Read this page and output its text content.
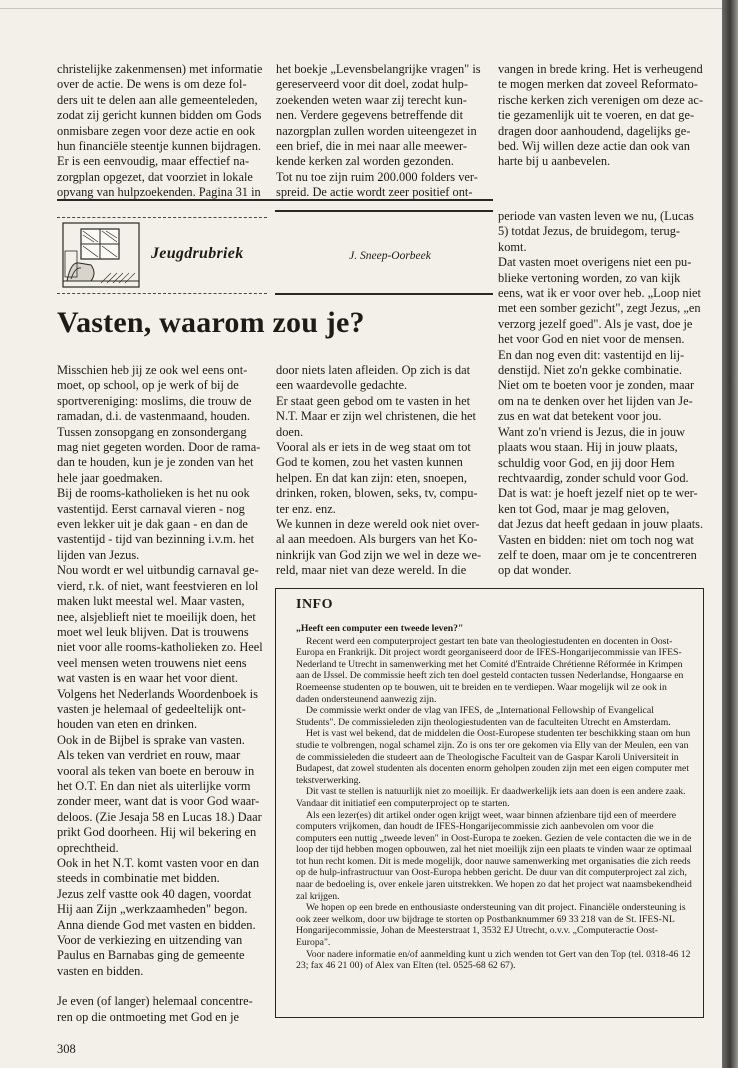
christelijke zakenmensen) met informatie

over de actie. De wens is om deze fol-

ders uit te delen aan alle gemeenteleden,

zodat zij gericht kunnen bidden om Gods

onmisbare zegen voor deze actie en ook

hun financiële steentje kunnen bijdragen.

Er is een eenvoudig, maar effectief na-

zorgplan opgezet, dat voorziet in lokale

opvang van hulpzoekenden. Pagina 31 in

het boekje „Levensbelangrijke vragen" is

gereserveerd voor dit doel, zodat hulp-

zoekenden weten waar zij terecht kun-

nen. Verdere gegevens betreffende dit

nazorgplan zullen worden uiteengezet in

een brief, die in mei naar alle meewer-

kende kerken zal worden gezonden.

Tot nu toe zijn ruim 200.000 folders ver-

spreid. De actie wordt zeer positief ont-

vangen in brede kring. Het is verheugend

te mogen merken dat zoveel Reformato-

rische kerken zich verenigen om deze ac-

tie gezamenlijk uit te voeren, en dat ge-

dragen door aanhoudend, dagelijks ge-

bed. Wij willen deze actie dan ook van

harte bij u aanbevelen.

Jeugdrubriek	J. Sneep-Oorbeek
Vasten, waarom zou je?

Misschien heb jij ze ook wel eens ont-

moet, op school, op je werk of bij de

sportvereniging: moslims, die trouw de

ramadan, d.i. de vastenmaand, houden.

Tussen zonsopgang en zonsondergang

mag niet gegeten worden. Door de rama-

dan te houden, kun je je zonden van het

hele jaar goedmaken.

Bij de rooms-katholieken is het nu ook

vastentijd. Eerst carnaval vieren - nog

even lekker uit je dak gaan - en dan de

vastentijd - tijd van bezinning i.v.m. het

lijden van Jezus.

Nou wordt er wel uitbundig carnaval ge-

vierd, r.k. of niet, want feestvieren en lol

maken lukt meestal wel. Maar vasten,

nee, alsjeblieft niet te moeilijk doen, het

moet wel leuk blijven. Dat is trouwens

niet voor alle rooms-katholieken zo. Heel

veel mensen weten trouwens niet eens

wat vasten is en waar het voor dient.

Volgens het Nederlands Woordenboek is

vasten je helemaal of gedeeltelijk ont-

houden van eten en drinken.

Ook in de Bijbel is sprake van vasten.

Als teken van verdriet en rouw, maar

vooral als teken van boete en berouw in

het O.T. En dan niet als uiterlijke vorm

zonder meer, want dat is voor God waar-

deloos. (Zie Jesaja 58 en Lucas 18.) Daar

prikt God doorheen. Hij wil bekering en

oprechtheid.

Ook in het N.T. komt vasten voor en dan

steeds in combinatie met bidden.

Jezus zelf vastte ook 40 dagen, voordat

Hij aan Zijn „werkzaamheden" begon.

Anna diende God met vasten en bidden.

Voor de verkiezing en uitzending van

Paulus en Barnabas ging de gemeente

vasten en bidden.

Je even (of langer) helemaal concentre-

ren op die ontmoeting met God en je

door niets laten afleiden. Op zich is dat

een waardevolle gedachte.

Er staat geen gebod om te vasten in het

N.T. Maar er zijn wel christenen, die het

doen.

Vooral als er iets in de weg staat om tot

God te komen, zou het vasten kunnen

helpen. En dat kan zijn: eten, snoepen,

drinken, roken, blowen, seks, tv, compu-

ter enz. enz.

We kunnen in deze wereld ook niet over-

al aan meedoen. Als burgers van het Ko-

ninkrijk van God zijn we wel in deze we-

reld, maar niet van deze wereld. In die

periode van vasten leven we nu, (Lucas

5) totdat Jezus, de bruidegom, terug-

komt.

Dat vasten moet overigens niet een pu-

blieke vertoning worden, zo van kijk

eens, wat ik er voor over heb. „Loop niet

met een somber gezicht", zegt Jezus, „en

verzorg jezelf goed". Als je vast, doe je

het voor God en niet voor de mensen.

En dan nog even dit: vastentijd en lij-

denstijd. Niet zo'n gekke combinatie.

Niet om te boeten voor je zonden, maar

om na te denken over het lijden van Je-

zus en wat dat betekent voor jou.

Want zo'n vriend is Jezus, die in jouw

plaats wou staan. Hij in jouw plaats,

schuldig voor God, en jij door Hem

rechtvaardig, zonder schuld voor God.

Dat is wat: je hoeft jezelf niet op te wer-

ken tot God, maar je mag geloven,

dat Jezus dat heeft gedaan in jouw plaats.

Vasten en bidden: niet om toch nog wat

zelf te doen, maar om je te concentreren

op dat wonder.

INFO

„Heeft een computer een tweede leven?"

Recent werd een computerproject gestart ten bate van theologiestudenten en docenten in Oost-Europa en Frankrijk. Dit project wordt georganiseerd door de IFES-Hongarijecommissie van IFES-Nederland te Utrecht in samenwerking met het Comité d'Entraide Chrétienne Réformée in Krimpen aan de IJssel. De commissie heeft zich ten doel gesteld contacten tussen Nederlandse, Hongaarse en Roemeense studenten op te bouwen, uit te breiden en te verdiepen. Waar mogelijk wil ze ook in daden ondersteunend aanwezig zijn.

De commissie werkt onder de vlag van IFES, de „International Fellowship of Evangelical Students". De commissieleden zijn theologiestudenten van de faculteiten Utrecht en Amsterdam.

Het is vast wel bekend, dat de middelen die Oost-Europese studenten ter beschikking staan om hun studie te volbrengen, nogal schamel zijn. Zo is ons ter ore gekomen via Elly van der Meulen, een van de commissieleden die studeert aan de Theologische Faculteit van de Gaspar Karoli Universiteit in Budapest, dat zowel studenten als docenten enorm geholpen zouden zijn met een eigen computer met tekstverwerking.

Dit vast te stellen is natuurlijk niet zo moeilijk. Er daadwerkelijk iets aan doen is een andere zaak. Vandaar dit initiatief een computerproject op te starten.

Als een lezer(es) dit artikel onder ogen krijgt weet, waar binnen afzienbare tijd een of meerdere computers vrijkomen, dan houdt de IFES-Hongarijecommissie zich aanbevolen om voor die computers een nuttig „tweede leven" in Oost-Europa te zoeken. Gezien de vele contacten die we in de loop der tijd hebben mogen opbouwen, zal het niet moeilijk zijn een plaats te vinden waar ze optimaal tot hun recht komen. Dit is mede mogelijk, door nauwe samenwerking met organisaties die zich reeds op de hulp-infrastructuur van Oost-Europa hebben gericht. De duur van dit computerproject zal zich, naar de bedoeling is, over enkele jaren uitstrekken. We hopen zo dat het project wat naamsbekendheid zal krijgen.

We hopen op een brede en enthousiaste ondersteuning van dit project. Financiële ondersteuning is ook zeer welkom, door uw bijdrage te storten op Postbanknummer 69 33 218 van de St. IFES-NL Hongarijecommissie, Johan de Meesterstraat 1, 3532 EJ Utrecht, o.v.v. „Computeractie Oost-Europa".

Voor nadere informatie en/of aanmelding kunt u zich wenden tot Gert van den Top (tel. 0318-46 12 23; fax 46 21 00) of Alex van Elten (tel. 0525-68 62 67).

308
